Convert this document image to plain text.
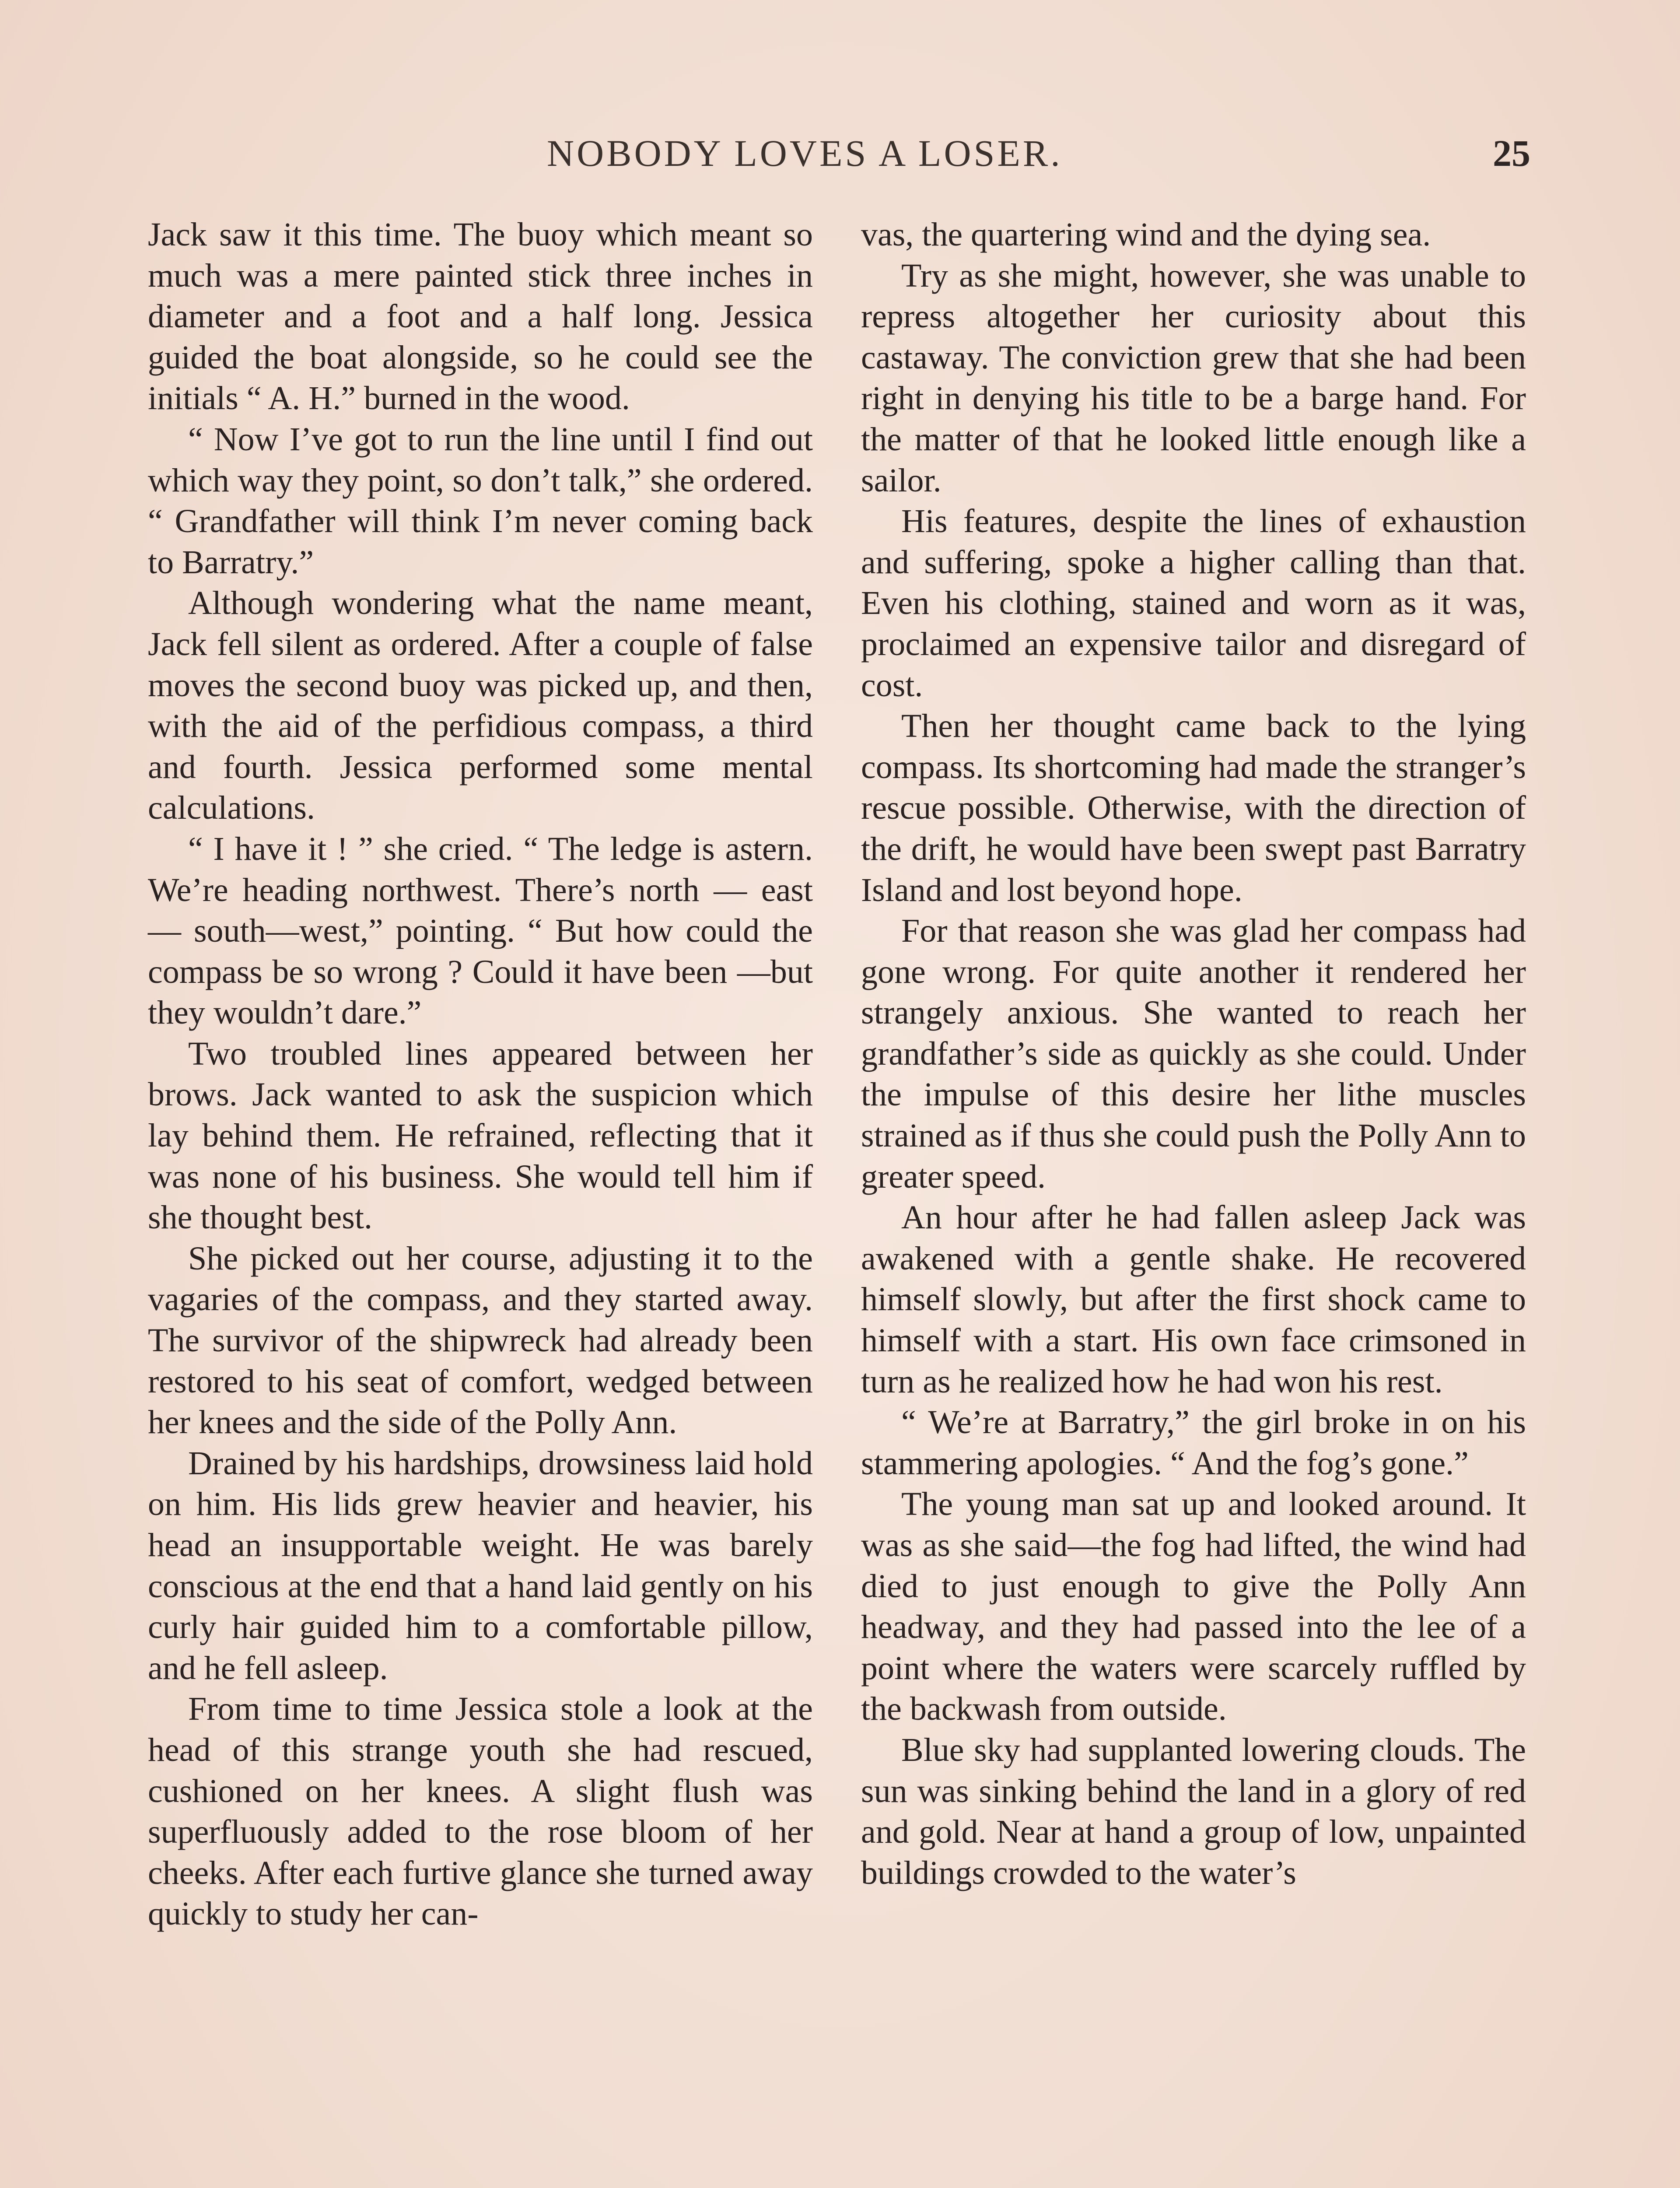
NOBODY LOVES A LOSER.	25

Jack saw it this time. The buoy which meant so much was a mere painted stick three inches in diameter and a foot and a half long. Jessica guided the boat alongside, so he could see the initials “ A. H.” burned in the wood.

“ Now I’ve got to run the line until I find out which way they point, so don’t talk,” she ordered. “ Grandfather will think I’m never coming back to Barratry.”

Although wondering what the name meant, Jack fell silent as ordered. After a couple of false moves the second buoy was picked up, and then, with the aid of the perfidious compass, a third and fourth. Jessica performed some mental calculations.

“ I have it ! ” she cried. “ The ledge is astern. We’re heading northwest. There’s north — east — south—west,” pointing. “ But how could the compass be so wrong ? Could it have been —but they wouldn’t dare.”

Two troubled lines appeared between her brows. Jack wanted to ask the suspicion which lay behind them. He refrained, reflecting that it was none of his business. She would tell him if she thought best.

She picked out her course, adjusting it to the vagaries of the compass, and they started away. The survivor of the shipwreck had already been restored to his seat of comfort, wedged between her knees and the side of the Polly Ann.

Drained by his hardships, drowsiness laid hold on him. His lids grew heavier and heavier, his head an insupportable weight. He was barely conscious at the end that a hand laid gently on his curly hair guided him to a comfortable pillow, and he fell asleep.

From time to time Jessica stole a look at the head of this strange youth she had rescued, cushioned on her knees. A slight flush was superfluously added to the rose bloom of her cheeks. After each furtive glance she turned away quickly to study her can-

vas, the quartering wind and the dying sea.

Try as she might, however, she was unable to repress altogether her curiosity about this castaway. The conviction grew that she had been right in denying his title to be a barge hand. For the matter of that he looked little enough like a sailor.

His features, despite the lines of exhaustion and suffering, spoke a higher calling than that. Even his clothing, stained and worn as it was, proclaimed an expensive tailor and disregard of cost.

Then her thought came back to the lying compass. Its shortcoming had made the stranger’s rescue possible. Otherwise, with the direction of the drift, he would have been swept past Barratry Island and lost beyond hope.

For that reason she was glad her compass had gone wrong. For quite another it rendered her strangely anxious. She wanted to reach her grandfather’s side as quickly as she could. Under the impulse of this desire her lithe muscles strained as if thus she could push the Polly Ann to greater speed.

An hour after he had fallen asleep Jack was awakened with a gentle shake. He recovered himself slowly, but after the first shock came to himself with a start. His own face crimsoned in turn as he realized how he had won his rest.

“ We’re at Barratry,” the girl broke in on his stammering apologies. “ And the fog’s gone.”

The young man sat up and looked around. It was as she said—the fog had lifted, the wind had died to just enough to give the Polly Ann headway, and they had passed into the lee of a point where the waters were scarcely ruffled by the backwash from outside.

Blue sky had supplanted lowering clouds. The sun was sinking behind the land in a glory of red and gold. Near at hand a group of low, unpainted buildings crowded to the water’s
